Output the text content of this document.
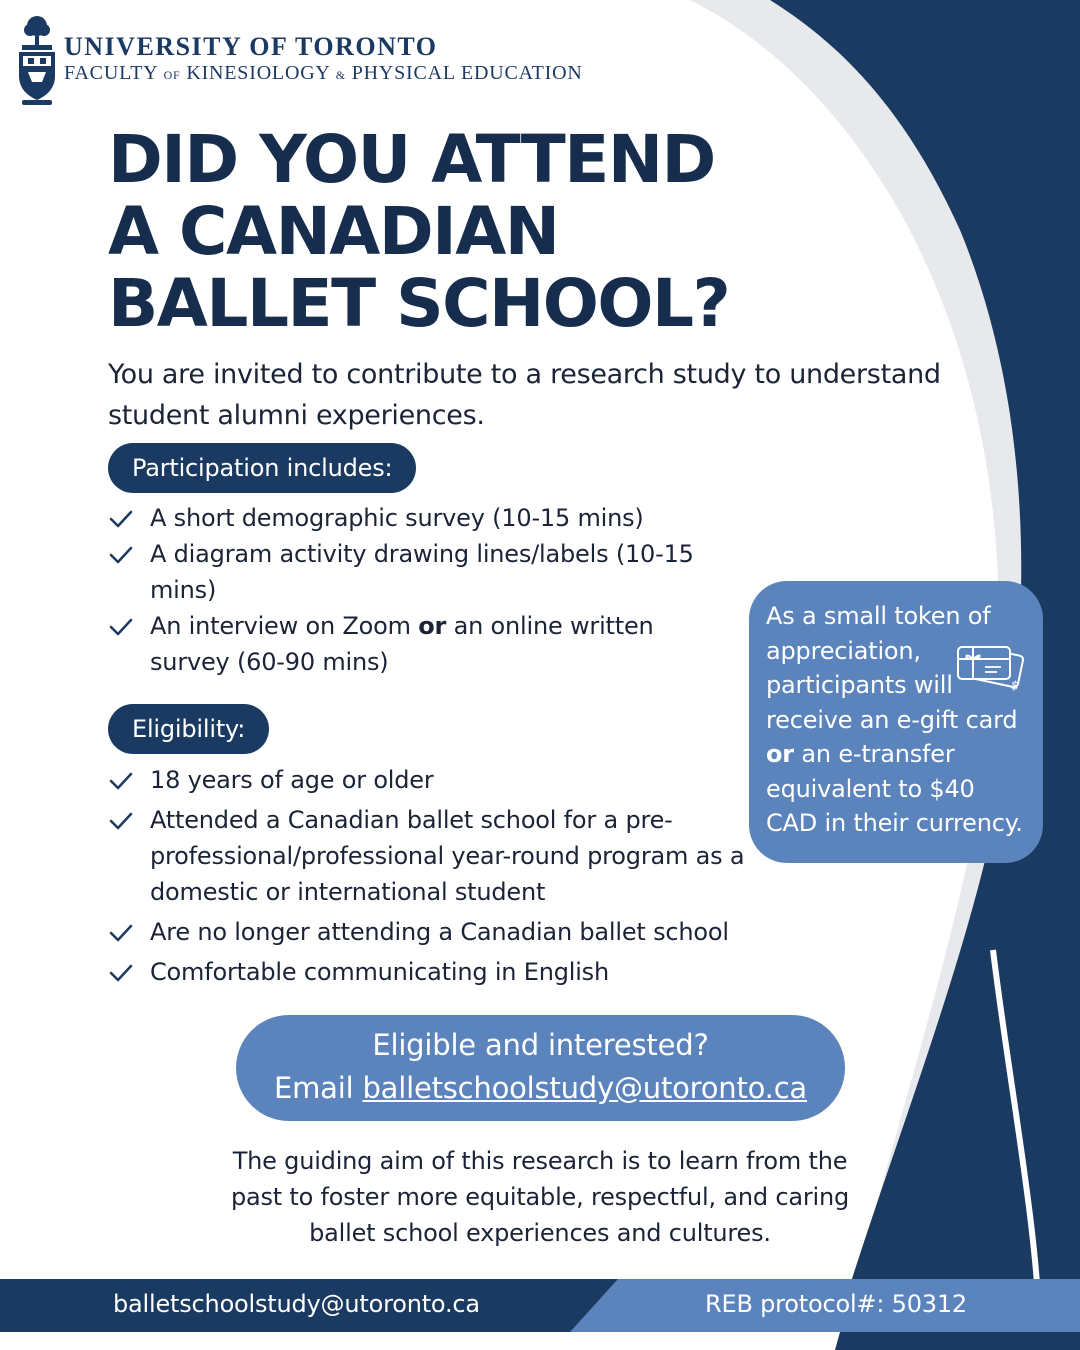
UNIVERSITY OF TORONTO
FACULTY OF KINESIOLOGY & PHYSICAL EDUCATION
DID YOU ATTEND
A CANADIAN
BALLET SCHOOL?

You are invited to contribute to a research study to understand student alumni experiences.

Participation includes:
A short demographic survey (10-15 mins)
A diagram activity drawing lines/labels (10-15 mins)
An interview on Zoom or an online written survey (60-90 mins)
Eligibility:
18 years of age or older
Attended a Canadian ballet school for a pre-professional/professional year-round program as a domestic or international student
Are no longer attending a Canadian ballet school
Comfortable communicating in English
$
As a small token of appreciation, participants will receive an e-gift card or an e-transfer equivalent to $40 CAD in their currency.
Eligible and interested?
Email balletschoolstudy@utoronto.ca

The guiding aim of this research is to learn from the past to foster more equitable, respectful, and caring ballet school experiences and cultures.

balletschoolstudy@utoronto.ca	REB protocol#: 50312
